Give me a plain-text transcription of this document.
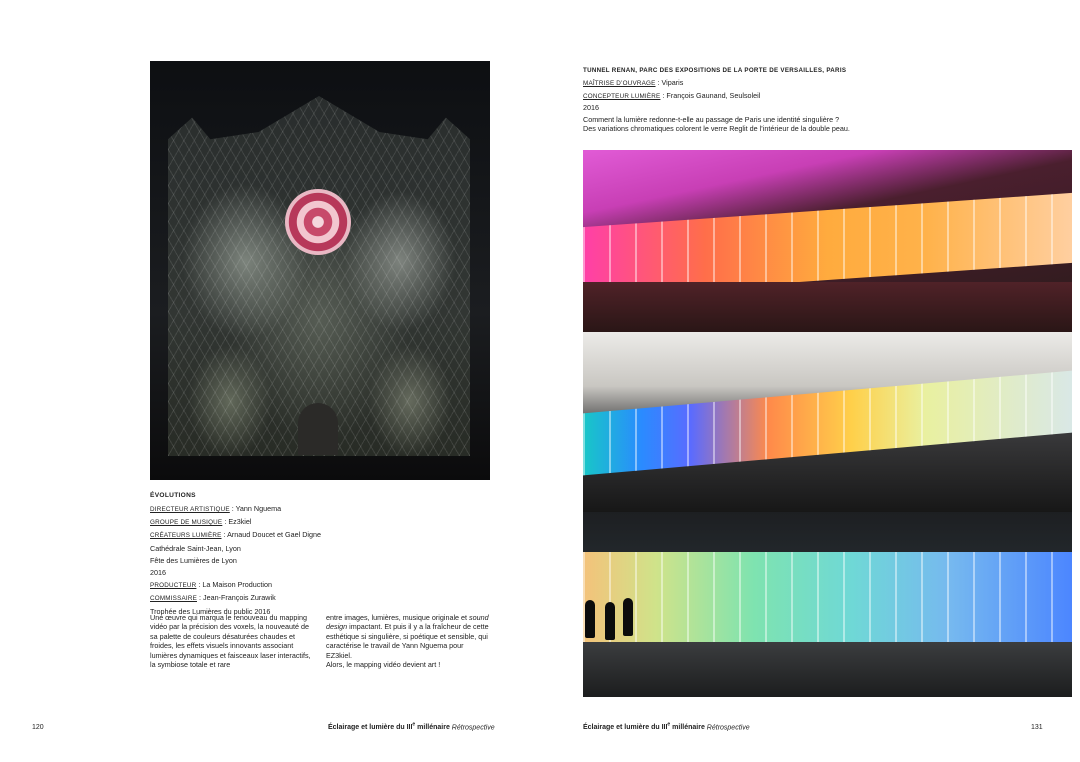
ÉVOLUTIONS
DIRECTEUR ARTISTIQUE : Yann Nguema
GROUPE DE MUSIQUE : Ez3kiel
CRÉATEURS LUMIÈRE : Arnaud Doucet et Gael Digne
Cathédrale Saint-Jean, Lyon
Fête des Lumières de Lyon
2016
PRODUCTEUR : La Maison Production
COMMISSAIRE : Jean-François Zurawik
Trophée des Lumières du public 2016
Une œuvre qui marqua le renouveau du mapping vidéo par la précision des voxels, la nouveauté de sa palette de couleurs désaturées chaudes et froides, les effets visuels innovants associant lumières dynamiques et faisceaux laser interactifs, la symbiose totale et rare
entre images, lumières, musique originale et sound design impactant. Et puis il y a la fraîcheur de cette esthétique si singulière, si poétique et sensible, qui caractérise le travail de Yann Nguema pour EZ3kiel.
Alors, le mapping vidéo devient art !
120	Éclairage et lumière du IIIe millénaire Rétrospective
TUNNEL RENAN, PARC DES EXPOSITIONS DE LA PORTE DE VERSAILLES, PARIS
MAÎTRISE D’OUVRAGE : Viparis
CONCEPTEUR LUMIÈRE : François Gaunand, Seulsoleil
2016
Comment la lumière redonne-t-elle au passage de Paris une identité singulière ?
Des variations chromatiques colorent le verre Reglit de l’intérieur de la double peau.
Éclairage et lumière du IIIe millénaire Rétrospective	131
